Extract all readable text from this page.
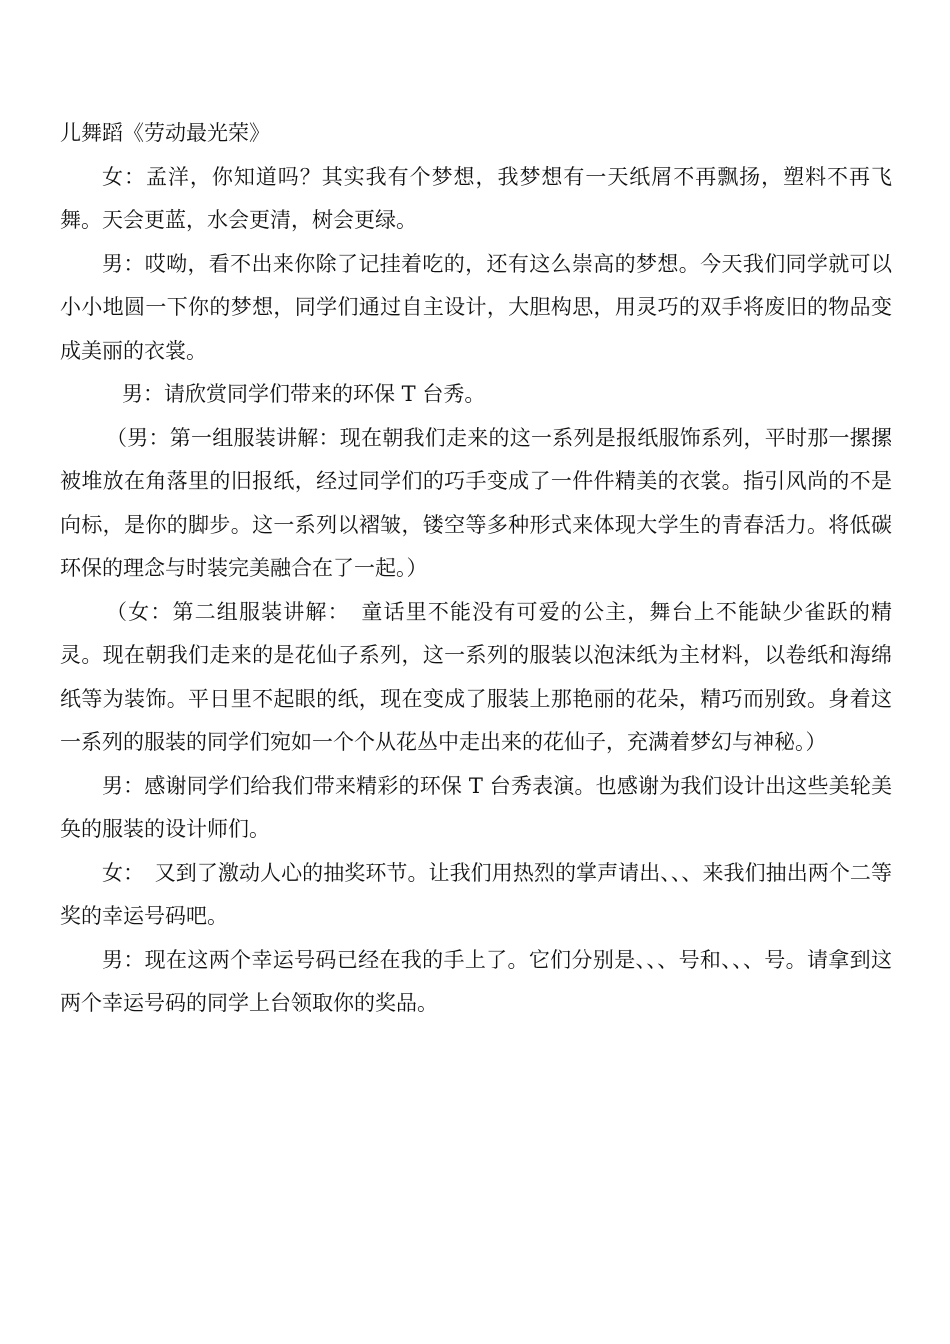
儿舞蹈《劳动最光荣》

女：孟洋，你知道吗？其实我有个梦想，我梦想有一天纸屑不再飘扬，塑料不再飞舞。天会更蓝，水会更清，树会更绿。

男：哎呦，看不出来你除了记挂着吃的，还有这么崇高的梦想。今天我们同学就可以小小地圆一下你的梦想，同学们通过自主设计，大胆构思，用灵巧的双手将废旧的物品变成美丽的衣裳。

男：请欣赏同学们带来的环保 T 台秀。

（男：第一组服装讲解：现在朝我们走来的这一系列是报纸服饰系列，平时那一摞摞被堆放在角落里的旧报纸，经过同学们的巧手变成了一件件精美的衣裳。指引风尚的不是向标，是你的脚步。这一系列以褶皱，镂空等多种形式来体现大学生的青春活力。将低碳环保的理念与时装完美融合在了一起。）

（女：第二组服装讲解：　童话里不能没有可爱的公主，舞台上不能缺少雀跃的精灵。现在朝我们走来的是花仙子系列，这一系列的服装以泡沫纸为主材料，以卷纸和海绵纸等为装饰。平日里不起眼的纸，现在变成了服装上那艳丽的花朵，精巧而别致。身着这一系列的服装的同学们宛如一个个从花丛中走出来的花仙子，充满着梦幻与神秘。）

男：感谢同学们给我们带来精彩的环保 T 台秀表演。也感谢为我们设计出这些美轮美奂的服装的设计师们。

女：　又到了激动人心的抽奖环节。让我们用热烈的掌声请出、、、来我们抽出两个二等奖的幸运号码吧。

男：现在这两个幸运号码已经在我的手上了。它们分别是、、、号和、、、号。请拿到这两个幸运号码的同学上台领取你的奖品。
